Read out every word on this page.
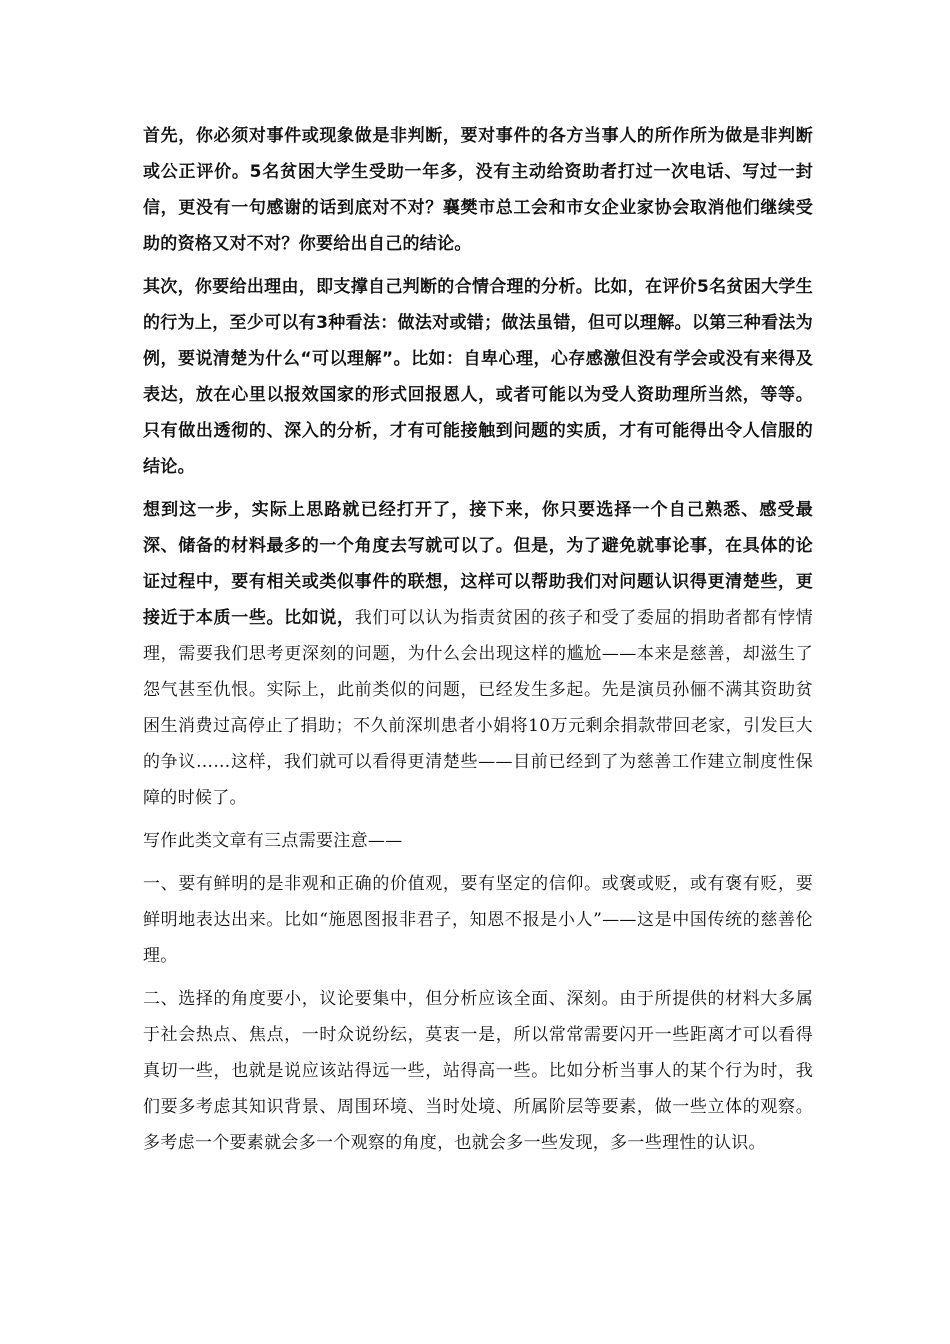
首先，你必须对事件或现象做是非判断，要对事件的各方当事人的所作所为做是非判断或公正评价。5名贫困大学生受助一年多，没有主动给资助者打过一次电话、写过一封信，更没有一句感谢的话到底对不对？襄樊市总工会和市女企业家协会取消他们继续受助的资格又对不对？你要给出自己的结论。

其次，你要给出理由，即支撑自己判断的合情合理的分析。比如，在评价5名贫困大学生的行为上，至少可以有3种看法：做法对或错；做法虽错，但可以理解。以第三种看法为例，要说清楚为什么“可以理解”。比如：自卑心理，心存感激但没有学会或没有来得及表达，放在心里以报效国家的形式回报恩人，或者可能以为受人资助理所当然，等等。只有做出透彻的、深入的分析，才有可能接触到问题的实质，才有可能得出令人信服的结论。

想到这一步，实际上思路就已经打开了，接下来，你只要选择一个自己熟悉、感受最深、储备的材料最多的一个角度去写就可以了。但是，为了避免就事论事，在具体的论证过程中，要有相关或类似事件的联想，这样可以帮助我们对问题认识得更清楚些，更接近于本质一些。比如说，我们可以认为指责贫困的孩子和受了委屈的捐助者都有悖情理，需要我们思考更深刻的问题，为什么会出现这样的尴尬——本来是慈善，却滋生了怨气甚至仇恨。实际上，此前类似的问题，已经发生多起。先是演员孙俪不满其资助贫困生消费过高停止了捐助；不久前深圳患者小娟将10万元剩余捐款带回老家，引发巨大的争议……这样，我们就可以看得更清楚些——目前已经到了为慈善工作建立制度性保障的时候了。

写作此类文章有三点需要注意——

一、要有鲜明的是非观和正确的价值观，要有坚定的信仰。或褒或贬，或有褒有贬，要鲜明地表达出来。比如“施恩图报非君子，知恩不报是小人”——这是中国传统的慈善伦理。

二、选择的角度要小，议论要集中，但分析应该全面、深刻。由于所提供的材料大多属于社会热点、焦点，一时众说纷纭，莫衷一是，所以常常需要闪开一些距离才可以看得真切一些，也就是说应该站得远一些，站得高一些。比如分析当事人的某个行为时，我们要多考虑其知识背景、周围环境、当时处境、所属阶层等要素，做一些立体的观察。多考虑一个要素就会多一个观察的角度，也就会多一些发现，多一些理性的认识。
